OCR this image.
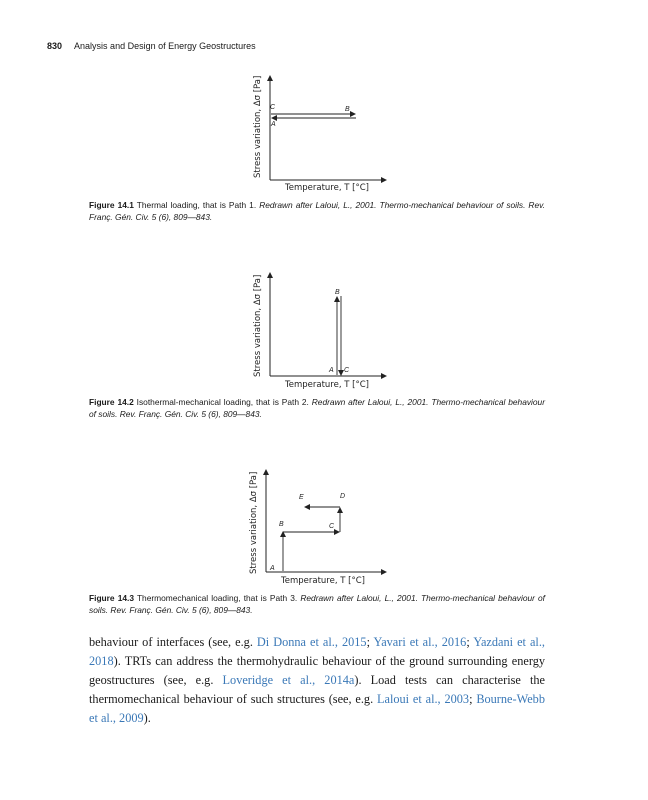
830 Analysis and Design of Energy Geostructures
C	B
A
Temperature, T [°C]
Stress variation, Δσ [Pa]
Figure 14.1 Thermal loading, that is Path 1. Redrawn after Laloui, L., 2001. Thermo-mechanical behaviour of soils. Rev. Franç. Gén. Civ. 5 (6), 809—843.
B
A C
Temperature, T [°C]
Stress variation, Δσ [Pa]
Figure 14.2 Isothermal-mechanical loading, that is Path 2. Redrawn after Laloui, L., 2001. Thermo-mechanical behaviour of soils. Rev. Franç. Gén. Civ. 5 (6), 809—843.
A
B	C
D
E
Temperature, T [°C]
Stress variation, Δσ [Pa]
Figure 14.3 Thermomechanical loading, that is Path 3. Redrawn after Laloui, L., 2001. Thermo-mechanical behaviour of soils. Rev. Franç. Gén. Civ. 5 (6), 809—843.
behaviour of interfaces (see, e.g. Di Donna et al., 2015; Yavari et al., 2016; Yazdani et al., 2018). TRTs can address the thermohydraulic behaviour of the ground surrounding energy geostructures (see, e.g. Loveridge et al., 2014a). Load tests can characterise the thermomechanical behaviour of such structures (see, e.g. Laloui et al., 2003; Bourne-Webb et al., 2009).
